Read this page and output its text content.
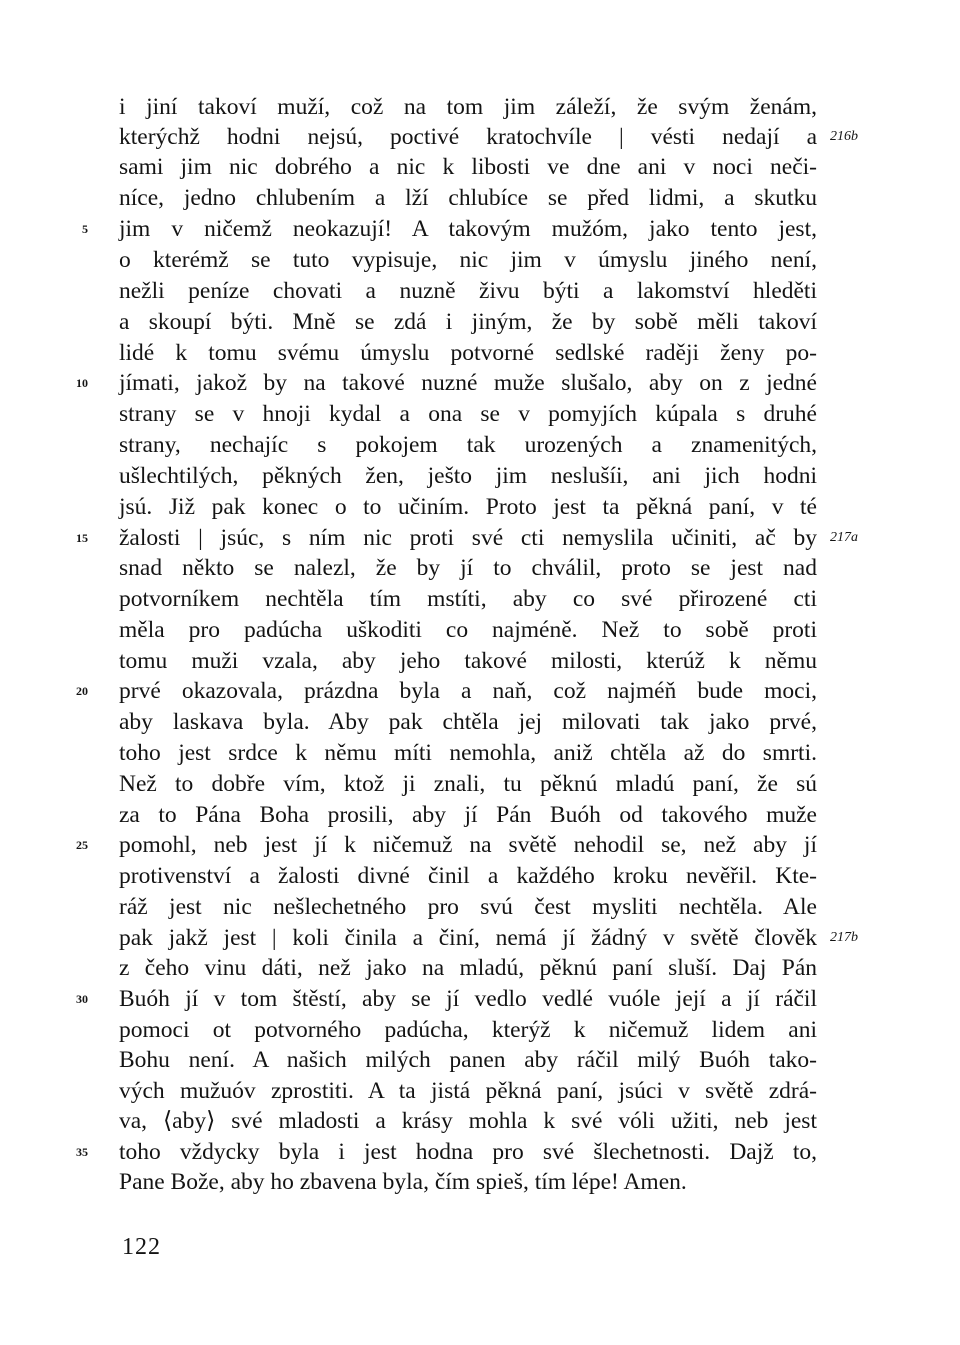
i jiní takoví muží, což na tom jim záleží, že svým ženám,
kterýchž hodni nejsú, poctivé kratochvíle | vésti nedají a
sami jim nic dobrého a nic k libosti ve dne ani v noci neči-
níce, jedno chlubením a lží chlubíce se před lidmi, a skutku
jim v ničemž neokazují! A takovým mužóm, jako tento jest,
o kterémž se tuto vypisuje, nic jim v úmyslu jiného není,
nežli peníze chovati a nuzně živu býti a lakomství hleděti
a skoupí býti. Mně se zdá i jiným, že by sobě měli takoví
lidé k tomu svému úmyslu potvorné sedlské raději ženy po-
jímati, jakož by na takové nuzné muže slušalo, aby on z jedné
strany se v hnoji kydal a ona se v pomyjích kúpala s druhé
strany, nechajíc s pokojem tak urozených a znamenitých,
ušlechtilých, pěkných žen, ješto jim neslušíi, ani jich hodni
jsú. Již pak konec o to učiním. Proto jest ta pěkná paní, v té
žalosti | jsúc, s ním nic proti své cti nemyslila učiniti, ač by
snad někto se nalezl, že by jí to chválil, proto se jest nad
potvorníkem nechtěla tím mstíti, aby co své přirozené cti
měla pro padúcha uškoditi co najméně. Než to sobě proti
tomu muži vzala, aby jeho takové milosti, kterúž k němu
prvé okazovala, prázdna byla a naň, což najméň bude moci,
aby laskava byla. Aby pak chtěla jej milovati tak jako prvé,
toho jest srdce k němu míti nemohla, aniž chtěla až do smrti.
Než to dobře vím, ktož ji znali, tu pěknú mladú paní, že sú
za to Pána Boha prosili, aby jí Pán Buóh od takového muže
pomohl, neb jest jí k ničemuž na světě nehodil se, než aby jí
protivenství a žalosti divné činil a každého kroku nevěřil. Kte-
ráž jest nic nešlechetného pro svú čest mysliti nechtěla. Ale
pak jakž jest | koli činila a činí, nemá jí žádný v světě člověk
z čeho vinu dáti, než jako na mladú, pěknú paní sluší. Daj Pán
Buóh jí v tom štěstí, aby se jí vedlo vedlé vuóle její a jí ráčil
pomoci ot potvorného padúcha, kterýž k ničemuž lidem ani
Bohu není. A našich milých panen aby ráčil milý Buóh tako-
vých mužuóv zprostiti. A ta jistá pěkná paní, jsúci v světě zdrá-
va, ⟨aby⟩ své mladosti a krásy mohla k své vóli užiti, neb jest
toho vždycky byla i jest hodna pro své šlechetnosti. Dajž to,
Pane Bože, aby ho zbavena byla, čím spieš, tím lépe! Amen.
5
10
15
20
25
30
35
216b
217a
217b
122
